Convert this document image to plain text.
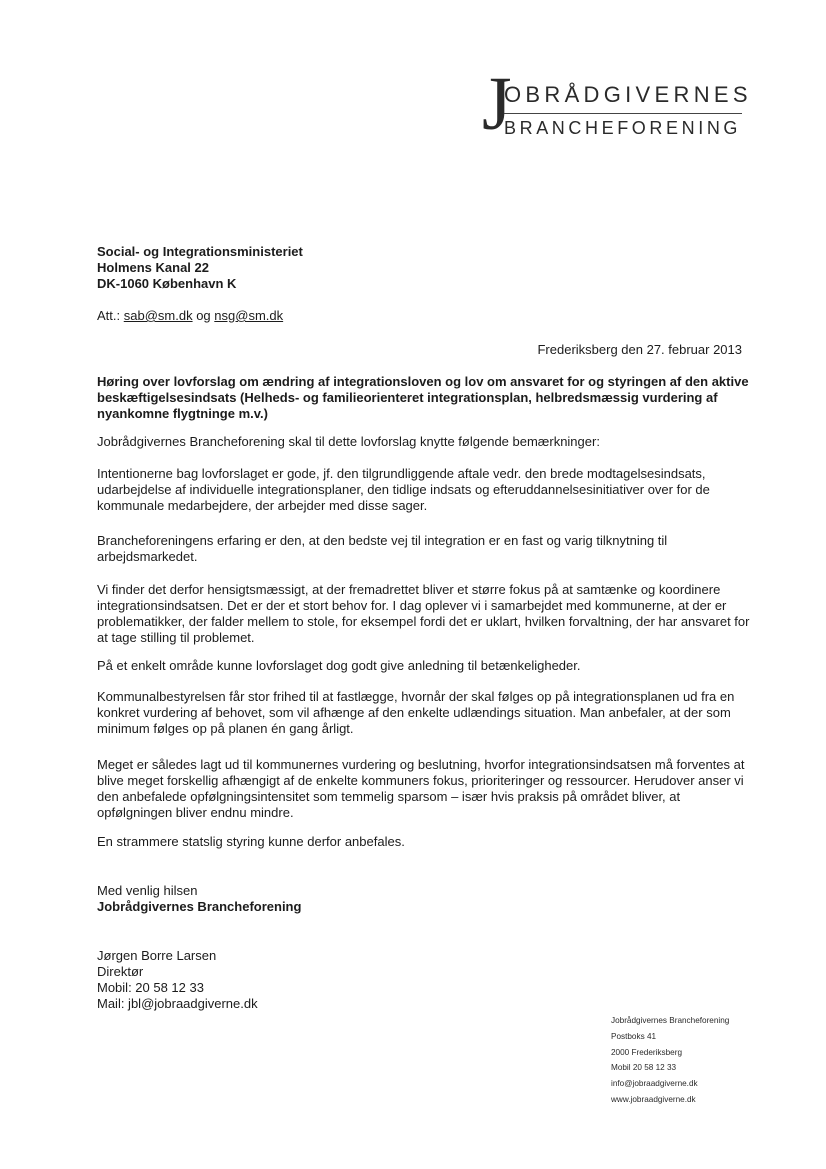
J
OBRÅDGIVERNES
BRANCHEFORENING
Social- og Integrationsministeriet
Holmens Kanal 22
DK-1060 København K
Att.: sab@sm.dk og nsg@sm.dk
Frederiksberg den 27. februar 2013
Høring over lovforslag om ændring af integrationsloven og lov om ansvaret for og styringen af den aktive beskæftigelsesindsats (Helheds- og familieorienteret integrationsplan, helbredsmæssig vurdering af nyankomne flygtninge m.v.)

Jobrådgivernes Brancheforening skal til dette lovforslag knytte følgende bemærkninger:

Intentionerne bag lovforslaget er gode, jf. den tilgrundliggende aftale vedr. den brede modtagelsesindsats, udarbejdelse af individuelle integrationsplaner, den tidlige indsats og efteruddannelsesinitiativer over for de kommunale medarbejdere, der arbejder med disse sager.

Brancheforeningens erfaring er den, at den bedste vej til integration er en fast og varig tilknytning til arbejdsmarkedet.

Vi finder det derfor hensigtsmæssigt, at der fremadrettet bliver et større fokus på at samtænke og koordinere integrationsindsatsen. Det er der et stort behov for. I dag oplever vi i samarbejdet med kommunerne, at der er problematikker, der falder mellem to stole, for eksempel fordi det er uklart, hvilken forvaltning, der har ansvaret for at tage stilling til problemet.

På et enkelt område kunne lovforslaget dog godt give anledning til betænkeligheder.

Kommunalbestyrelsen får stor frihed til at fastlægge, hvornår der skal følges op på integrationsplanen ud fra en konkret vurdering af behovet, som vil afhænge af den enkelte udlændings situation. Man anbefaler, at der som minimum følges op på planen én gang årligt.

Meget er således lagt ud til kommunernes vurdering og beslutning, hvorfor integrationsindsatsen må forventes at blive meget forskellig afhængigt af de enkelte kommuners fokus, prioriteringer og ressourcer. Herudover anser vi den anbefalede opfølgningsintensitet som temmelig sparsom – især hvis praksis på området bliver, at opfølgningen bliver endnu mindre.

En strammere statslig styring kunne derfor anbefales.

Med venlig hilsen
Jobrådgivernes Brancheforening
Jørgen Borre Larsen
Direktør
Mobil: 20 58 12 33
Mail: jbl@jobraadgiverne.dk
Jobrådgivernes Brancheforening
Postboks 41
2000 Frederiksberg
Mobil 20 58 12 33
info@jobraadgiverne.dk
www.jobraadgiverne.dk
